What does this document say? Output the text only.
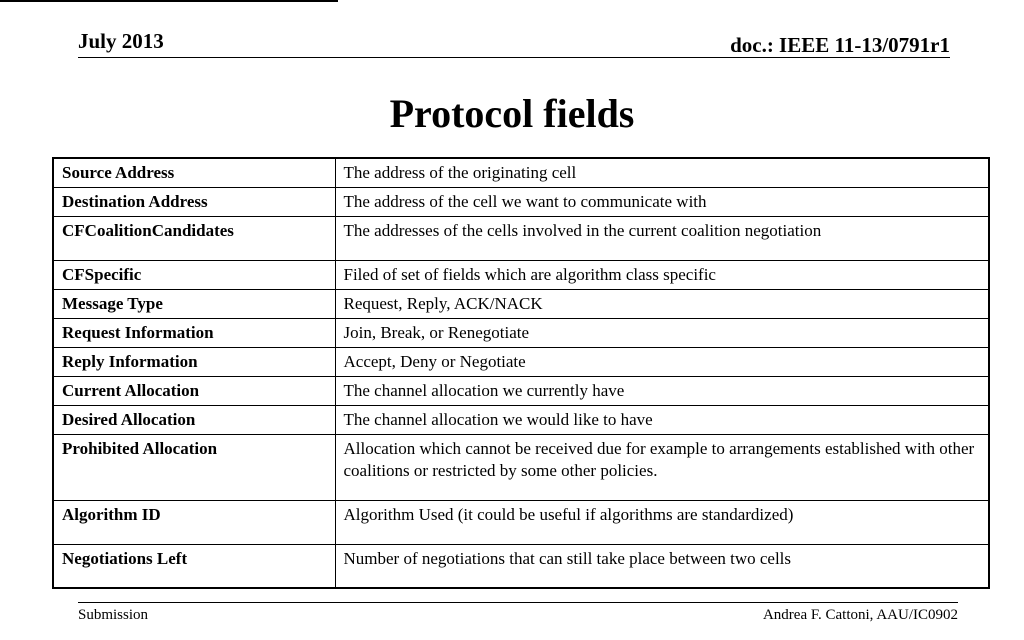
July 2013	doc.: IEEE 11-13/0791r1
Protocol fields
Source Address	The address of the originating cell
Destination Address	The address of the cell we want to communicate with
CFCoalitionCandidates	The addresses of the cells involved in the current coalition negotiation
CFSpecific	Filed of set of fields which are algorithm class specific
Message Type	Request, Reply, ACK/NACK
Request Information	Join, Break, or Renegotiate
Reply Information	Accept, Deny or Negotiate
Current Allocation	The channel allocation we currently have
Desired Allocation	The channel allocation we would like to have
Prohibited Allocation	Allocation which cannot be received due for example to arrangements established with other coalitions or restricted by some other policies.
Algorithm ID	Algorithm Used (it could be useful if algorithms are standardized)
Negotiations Left	Number of negotiations that can still take place between two cells
Submission	Andrea F. Cattoni, AAU/IC0902
